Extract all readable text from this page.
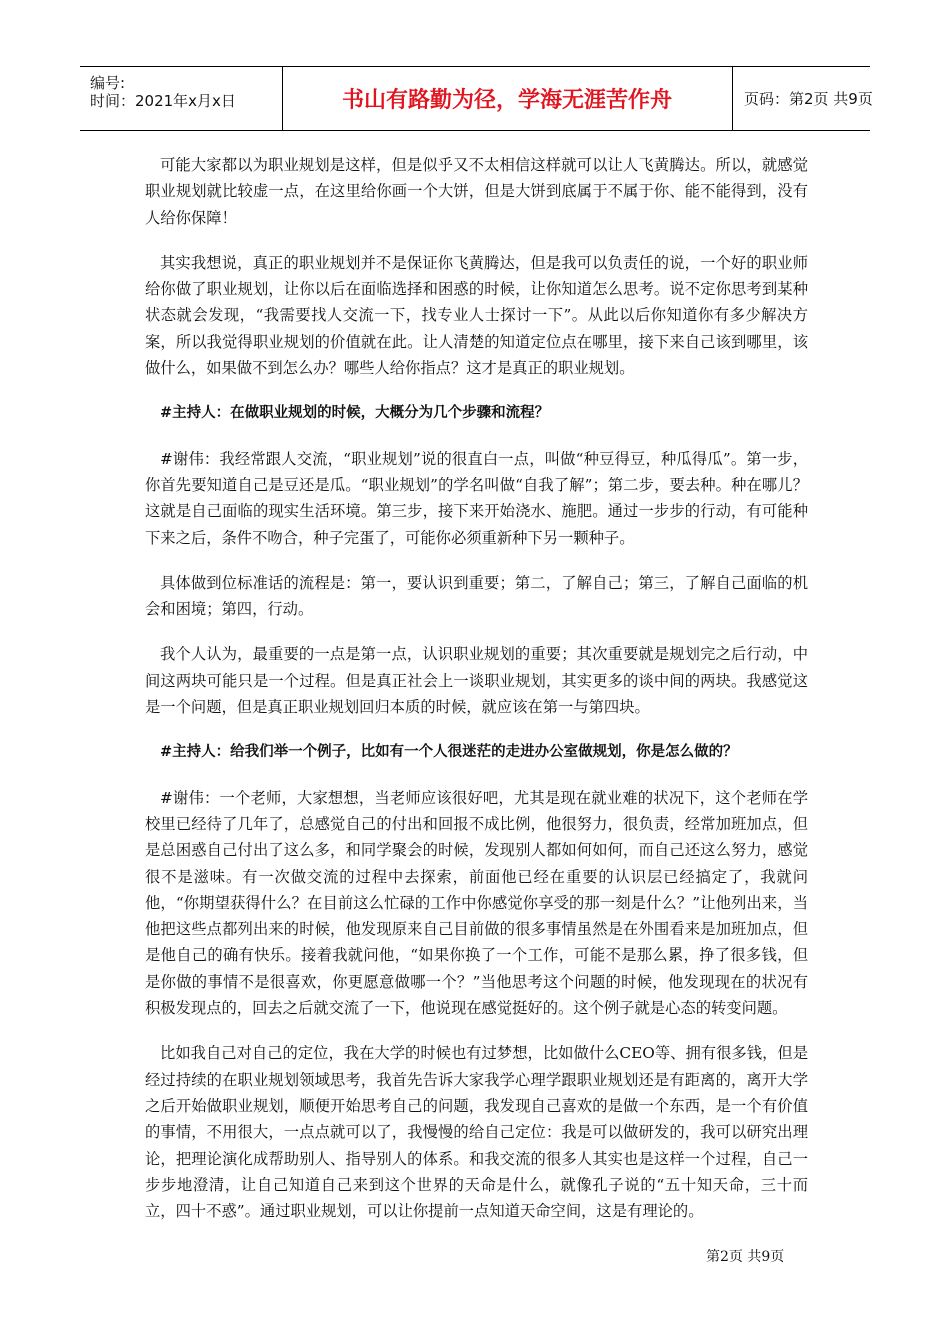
编号:
时间：2021年x月x日	书山有路勤为径，学海无涯苦作舟	页码：第2页 共9页

可能大家都以为职业规划是这样，但是似乎又不太相信这样就可以让人飞黄腾达。所以，就感觉职业规划就比较虚一点，在这里给你画一个大饼，但是大饼到底属于不属于你、能不能得到，没有人给你保障！

其实我想说，真正的职业规划并不是保证你飞黄腾达，但是我可以负责任的说，一个好的职业师给你做了职业规划，让你以后在面临选择和困惑的时候，让你知道怎么思考。说不定你思考到某种状态就会发现，“我需要找人交流一下，找专业人士探讨一下”。从此以后你知道你有多少解决方案，所以我觉得职业规划的价值就在此。让人清楚的知道定位点在哪里，接下来自己该到哪里，该做什么，如果做不到怎么办？哪些人给你指点？这才是真正的职业规划。

#主持人：在做职业规划的时候，大概分为几个步骤和流程？

#谢伟：我经常跟人交流，“职业规划”说的很直白一点，叫做“种豆得豆，种瓜得瓜”。第一步，你首先要知道自己是豆还是瓜。“职业规划”的学名叫做“自我了解”；第二步，要去种。种在哪儿？这就是自己面临的现实生活环境。第三步，接下来开始浇水、施肥。通过一步步的行动，有可能种下来之后，条件不吻合，种子完蛋了，可能你必须重新种下另一颗种子。

具体做到位标准话的流程是：第一，要认识到重要；第二，了解自己；第三，了解自己面临的机会和困境；第四，行动。

我个人认为，最重要的一点是第一点，认识职业规划的重要；其次重要就是规划完之后行动，中间这两块可能只是一个过程。但是真正社会上一谈职业规划，其实更多的谈中间的两块。我感觉这是一个问题，但是真正职业规划回归本质的时候，就应该在第一与第四块。

#主持人：给我们举一个例子，比如有一个人很迷茫的走进办公室做规划，你是怎么做的？

#谢伟：一个老师，大家想想，当老师应该很好吧，尤其是现在就业难的状况下，这个老师在学校里已经待了几年了，总感觉自己的付出和回报不成比例，他很努力，很负责，经常加班加点，但是总困惑自己付出了这么多，和同学聚会的时候，发现别人都如何如何，而自己还这么努力，感觉很不是滋味。有一次做交流的过程中去探索，前面他已经在重要的认识层已经搞定了，我就问他，“你期望获得什么？在目前这么忙碌的工作中你感觉你享受的那一刻是什么？”让他列出来，当他把这些点都列出来的时候，他发现原来自己目前做的很多事情虽然是在外围看来是加班加点，但是他自己的确有快乐。接着我就问他，“如果你换了一个工作，可能不是那么累，挣了很多钱，但是你做的事情不是很喜欢，你更愿意做哪一个？”当他思考这个问题的时候，他发现现在的状况有积极发现点的，回去之后就交流了一下，他说现在感觉挺好的。这个例子就是心态的转变问题。

比如我自己对自己的定位，我在大学的时候也有过梦想，比如做什么CEO等、拥有很多钱，但是经过持续的在职业规划领域思考，我首先告诉大家我学心理学跟职业规划还是有距离的，离开大学之后开始做职业规划，顺便开始思考自己的问题，我发现自己喜欢的是做一个东西，是一个有价值的事情，不用很大，一点点就可以了，我慢慢的给自己定位：我是可以做研发的，我可以研究出理论，把理论演化成帮助别人、指导别人的体系。和我交流的很多人其实也是这样一个过程，自己一步步地澄清，让自己知道自己来到这个世界的天命是什么，就像孔子说的“五十知天命，三十而立，四十不惑”。通过职业规划，可以让你提前一点知道天命空间，这是有理论的。

第2页 共9页
